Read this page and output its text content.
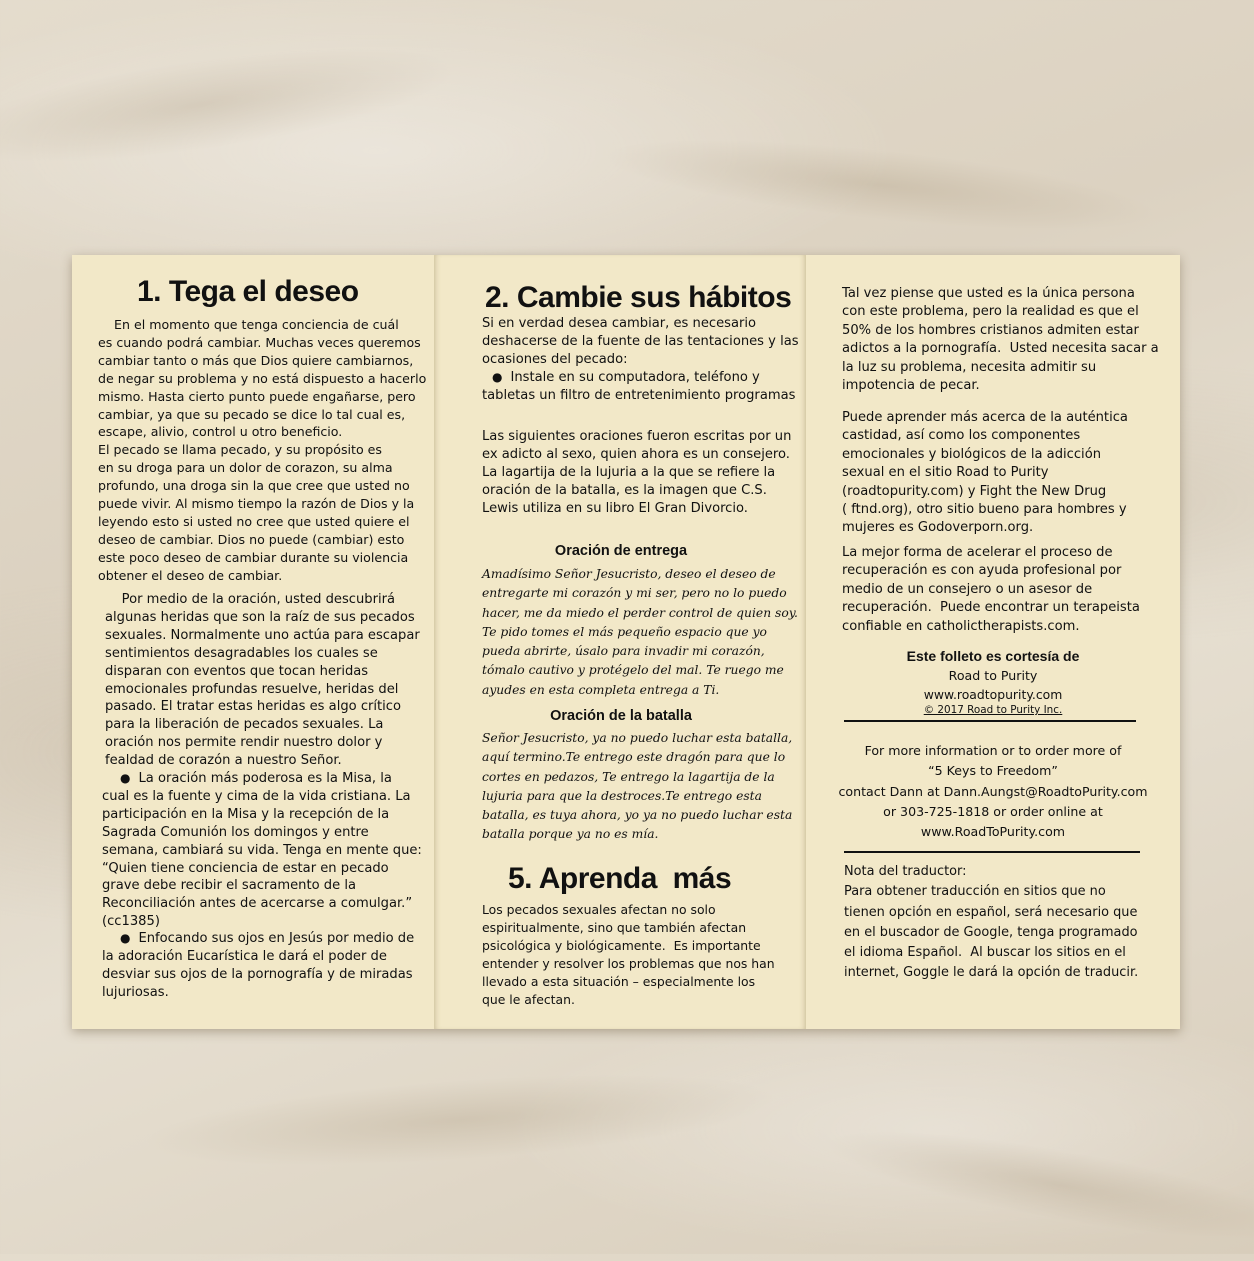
1. Tega el deseo

En el momento que tenga conciencia de cuál

es cuando podrá cambiar. Muchas veces queremos

cambiar tanto o más que Dios quiere cambiarnos,

de negar su problema y no está dispuesto a hacerlo

mismo. Hasta cierto punto puede engañarse, pero

cambiar, ya que su pecado se dice lo tal cual es,

escape, alivio, control u otro beneficio.

El pecado se llama pecado, y su propósito es

en su droga para un dolor de corazon, su alma

profundo, una droga sin la que cree que usted no

puede vivir. Al mismo tiempo la razón de Dios y la

leyendo esto si usted no cree que usted quiere el

deseo de cambiar. Dios no puede (cambiar) esto

este poco deseo de cambiar durante su violencia

obtener el deseo de cambiar.

Por medio de la oración, usted descubrirá

algunas heridas que son la raíz de sus pecados

sexuales. Normalmente uno actúa para escapar

sentimientos desagradables los cuales se

disparan con eventos que tocan heridas

emocionales profundas resuelve, heridas del

pasado. El tratar estas heridas es algo crítico

para la liberación de pecados sexuales. La

oración nos permite rendir nuestro dolor y

fealdad de corazón a nuestro Señor.

● La oración más poderosa es la Misa, la

cual es la fuente y cima de la vida cristiana. La

participación en la Misa y la recepción de la

Sagrada Comunión los domingos y entre

semana, cambiará su vida. Tenga en mente que:

“Quien tiene conciencia de estar en pecado

grave debe recibir el sacramento de la

Reconciliación antes de acercarse a comulgar.”

(cc1385)

● Enfocando sus ojos en Jesús por medio de

la adoración Eucarística le dará el poder de

desviar sus ojos de la pornografía y de miradas

lujuriosas.

2. Cambie sus hábitos

Si en verdad desea cambiar, es necesario

deshacerse de la fuente de las tentaciones y las

ocasiones del pecado:

● Instale en su computadora, teléfono y

tabletas un filtro de entretenimiento programas

Las siguientes oraciones fueron escritas por un

ex adicto al sexo, quien ahora es un consejero.

La lagartija de la lujuria a la que se refiere la

oración de la batalla, es la imagen que C.S.

Lewis utiliza en su libro El Gran Divorcio.

Oración de entrega

Amadísimo Señor Jesucristo, deseo el deseo de

entregarte mi corazón y mi ser, pero no lo puedo

hacer, me da miedo el perder control de quien soy.

Te pido tomes el más pequeño espacio que yo

pueda abrirte, úsalo para invadir mi corazón,

tómalo cautivo y protégelo del mal. Te ruego me

ayudes en esta completa entrega a Ti.

Oración de la batalla

Señor Jesucristo, ya no puedo luchar esta batalla,

aquí termino.Te entrego este dragón para que lo

cortes en pedazos, Te entrego la lagartija de la

lujuria para que la destroces.Te entrego esta

batalla, es tuya ahora, yo ya no puedo luchar esta

batalla porque ya no es mía.

5. Aprenda  más

Los pecados sexuales afectan no solo

espiritualmente, sino que también afectan

psicológica y biológicamente.  Es importante

entender y resolver los problemas que nos han

llevado a esta situación – especialmente los

que le afectan.

Tal vez piense que usted es la única persona

con este problema, pero la realidad es que el

50% de los hombres cristianos admiten estar

adictos a la pornografía.  Usted necesita sacar a

la luz su problema, necesita admitir su

impotencia de pecar.

Puede aprender más acerca de la auténtica

castidad, así como los componentes

emocionales y biológicos de la adicción

sexual en el sitio Road to Purity

(roadtopurity.com) y Fight the New Drug

( ftnd.org), otro sitio bueno para hombres y

mujeres es Godoverporn.org.

La mejor forma de acelerar el proceso de

recuperación es con ayuda profesional por

medio de un consejero o un asesor de

recuperación.  Puede encontrar un terapeista

confiable en catholictherapists.com.

Este folleto es cortesía de
Road to Purity
www.roadtopurity.com
© 2017 Road to Purity Inc.

For more information or to order more of

“5 Keys to Freedom”

contact Dann at Dann.Aungst@RoadtoPurity.com

or 303-725-1818 or order online at

www.RoadToPurity.com

Nota del traductor:

Para obtener traducción en sitios que no

tienen opción en español, será necesario que

en el buscador de Google, tenga programado

el idioma Español.  Al buscar los sitios en el

internet, Goggle le dará la opción de traducir.
